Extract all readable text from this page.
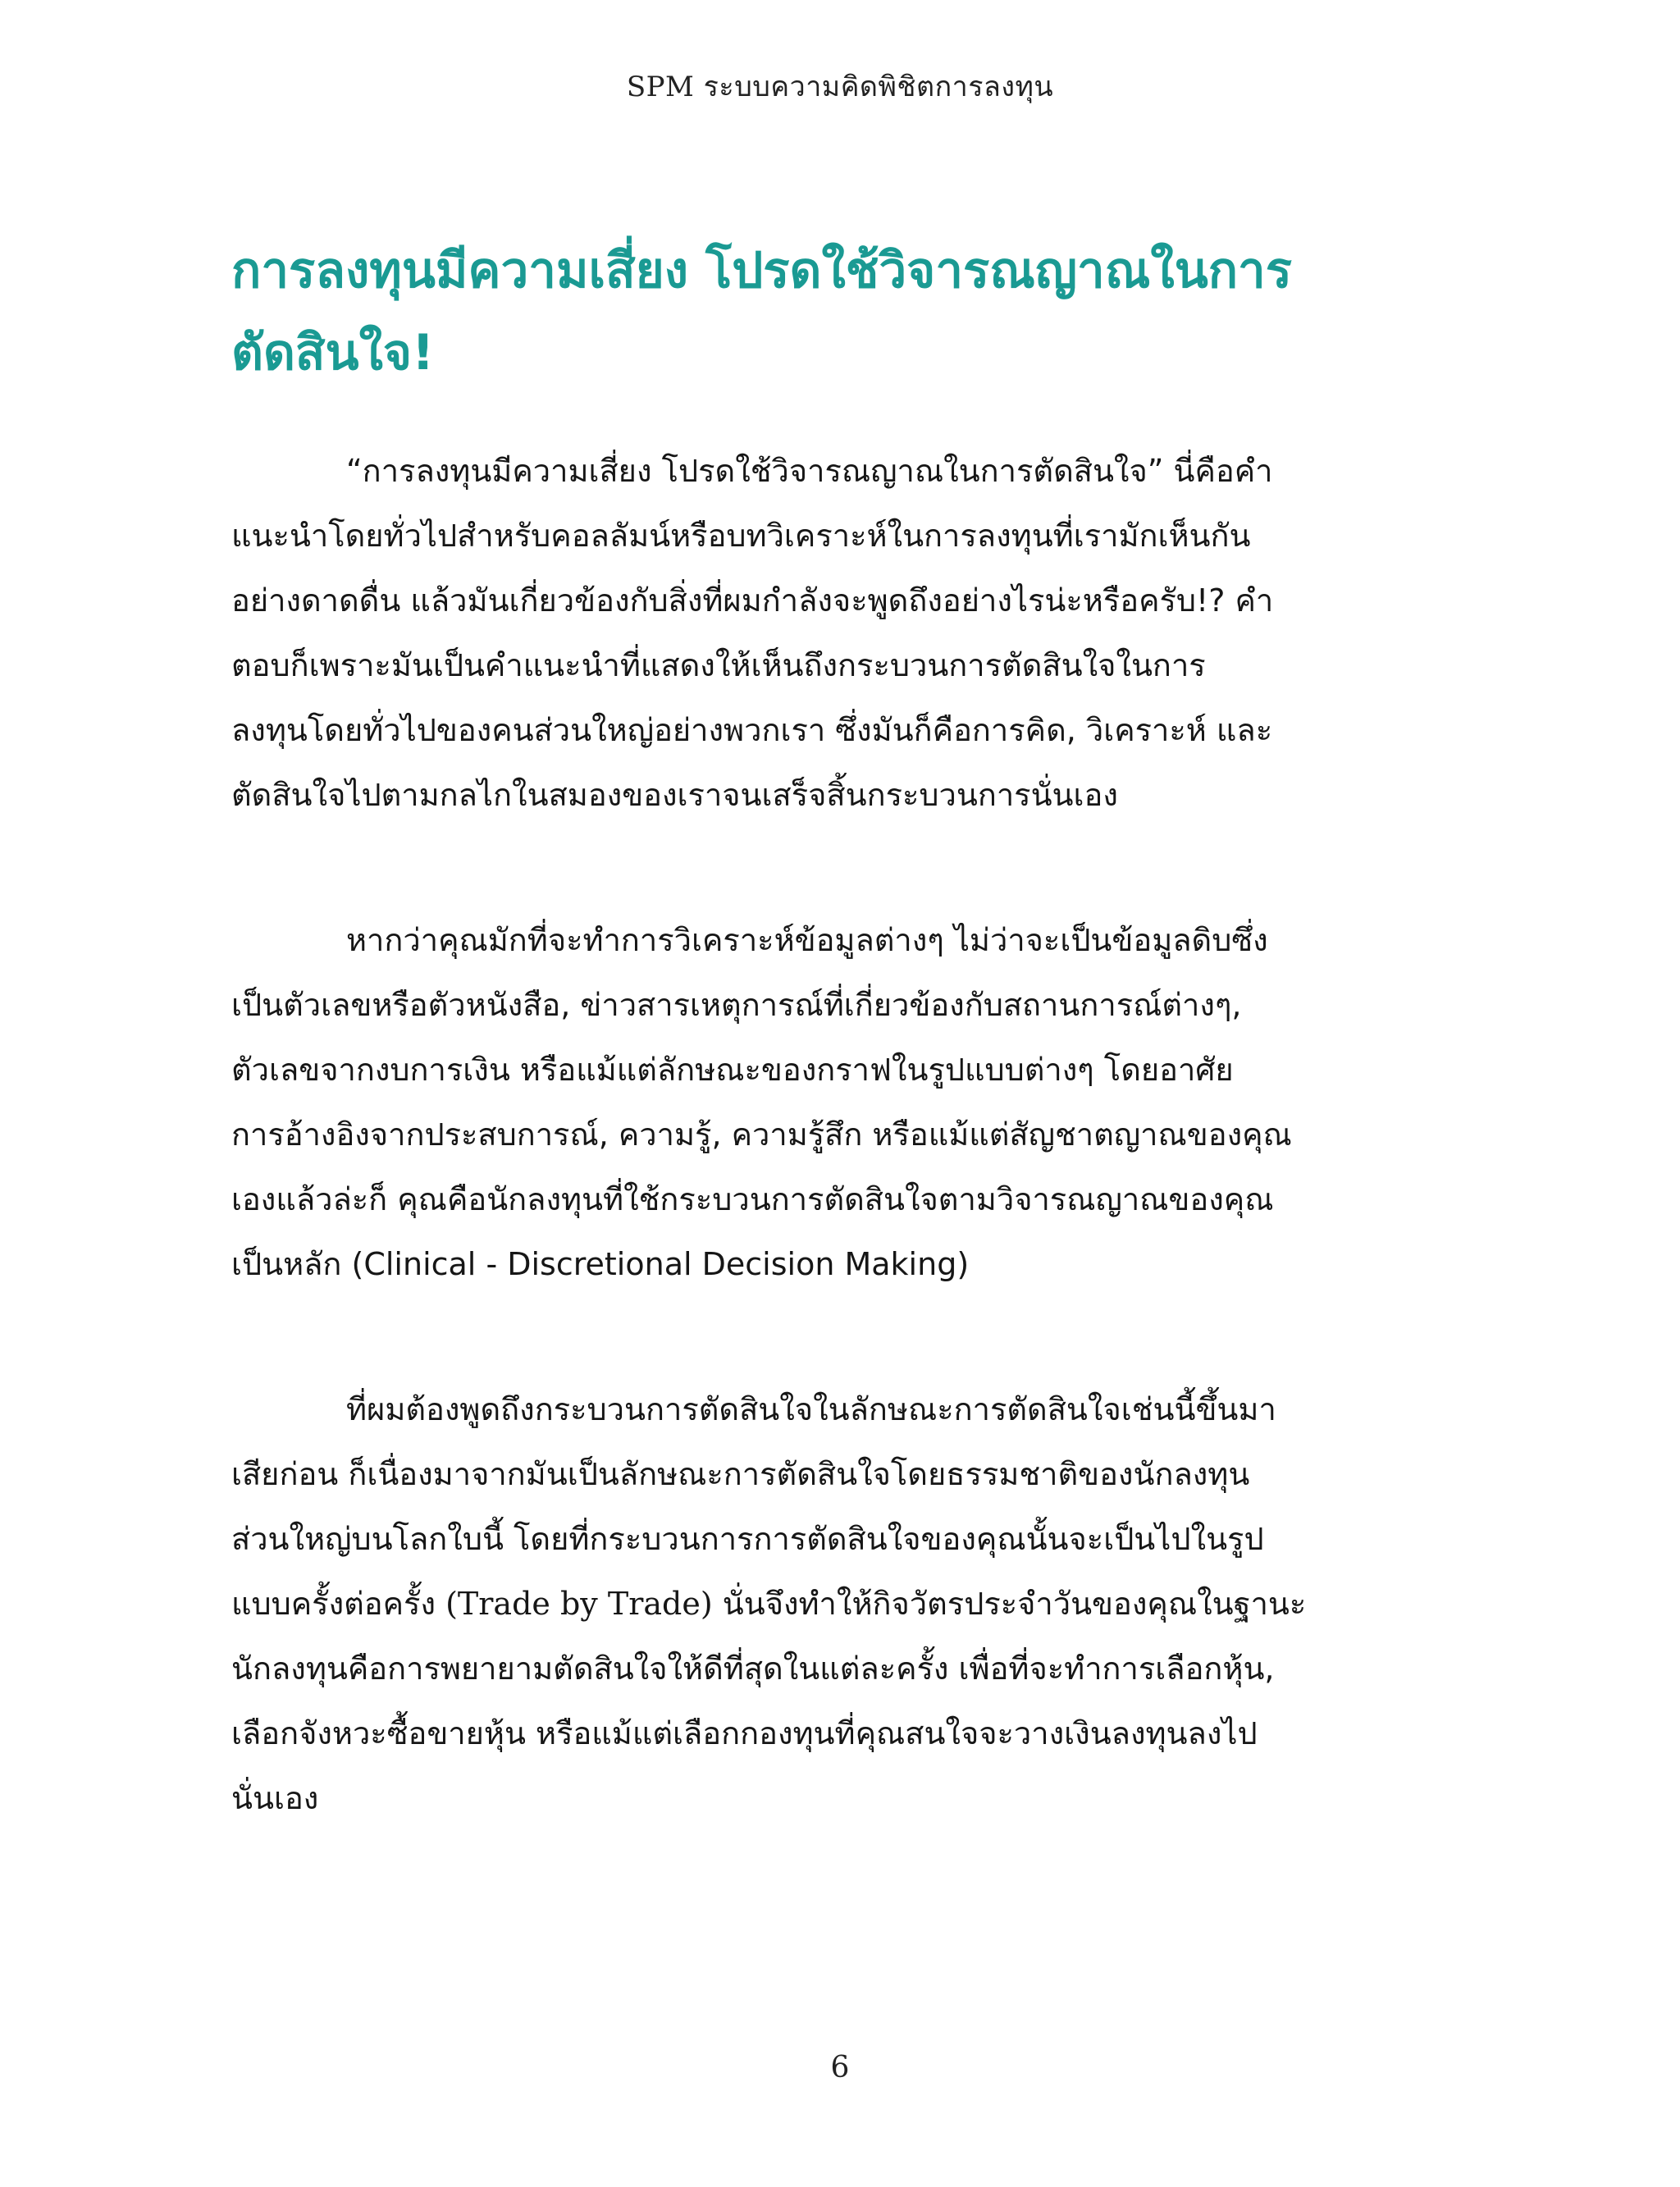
SPM ระบบความคิดพิชิตการลงทุน
การลงทุนมีความเสี่ยง โปรดใช้วิจารณญาณในการ
ตัดสินใจ!

“การลงทุนมีความเสี่ยง โปรดใช้วิจารณญาณในการตัดสินใจ” นี่คือคำ
แนะนำโดยทั่วไปสำหรับคอลลัมน์หรือบทวิเคราะห์ในการลงทุนที่เรามักเห็นกัน
อย่างดาดดื่น แล้วมันเกี่ยวข้องกับสิ่งที่ผมกำลังจะพูดถึงอย่างไรน่ะหรือครับ!? คำ
ตอบก็เพราะมันเป็นคำแนะนำที่แสดงให้เห็นถึงกระบวนการตัดสินใจในการ
ลงทุนโดยทั่วไปของคนส่วนใหญ่อย่างพวกเรา ซึ่งมันก็คือการคิด, วิเคราะห์ และ
ตัดสินใจไปตามกลไกในสมองของเราจนเสร็จสิ้นกระบวนการนั่นเอง

หากว่าคุณมักที่จะทำการวิเคราะห์ข้อมูลต่างๆ ไม่ว่าจะเป็นข้อมูลดิบซึ่ง
เป็นตัวเลขหรือตัวหนังสือ, ข่าวสารเหตุการณ์ที่เกี่ยวข้องกับสถานการณ์ต่างๆ,
ตัวเลขจากงบการเงิน หรือแม้แต่ลักษณะของกราฟในรูปแบบต่างๆ โดยอาศัย
การอ้างอิงจากประสบการณ์, ความรู้, ความรู้สึก หรือแม้แต่สัญชาตญาณของคุณ
เองแล้วล่ะก็ คุณคือนักลงทุนที่ใช้กระบวนการตัดสินใจตามวิจารณญาณของคุณ
เป็นหลัก (Clinical - Discretional Decision Making)

ที่ผมต้องพูดถึงกระบวนการตัดสินใจในลักษณะการตัดสินใจเช่นนี้ขึ้นมา
เสียก่อน ก็เนื่องมาจากมันเป็นลักษณะการตัดสินใจโดยธรรมชาติของนักลงทุน
ส่วนใหญ่บนโลกใบนี้ โดยที่กระบวนการการตัดสินใจของคุณนั้นจะเป็นไปในรูป
แบบครั้งต่อครั้ง (Trade by Trade) นั่นจึงทำให้กิจวัตรประจำวันของคุณในฐานะ
นักลงทุนคือการพยายามตัดสินใจให้ดีที่สุดในแต่ละครั้ง เพื่อที่จะทำการเลือกหุ้น,
เลือกจังหวะซื้อขายหุ้น หรือแม้แต่เลือกกองทุนที่คุณสนใจจะวางเงินลงทุนลงไป
นั่นเอง

6
